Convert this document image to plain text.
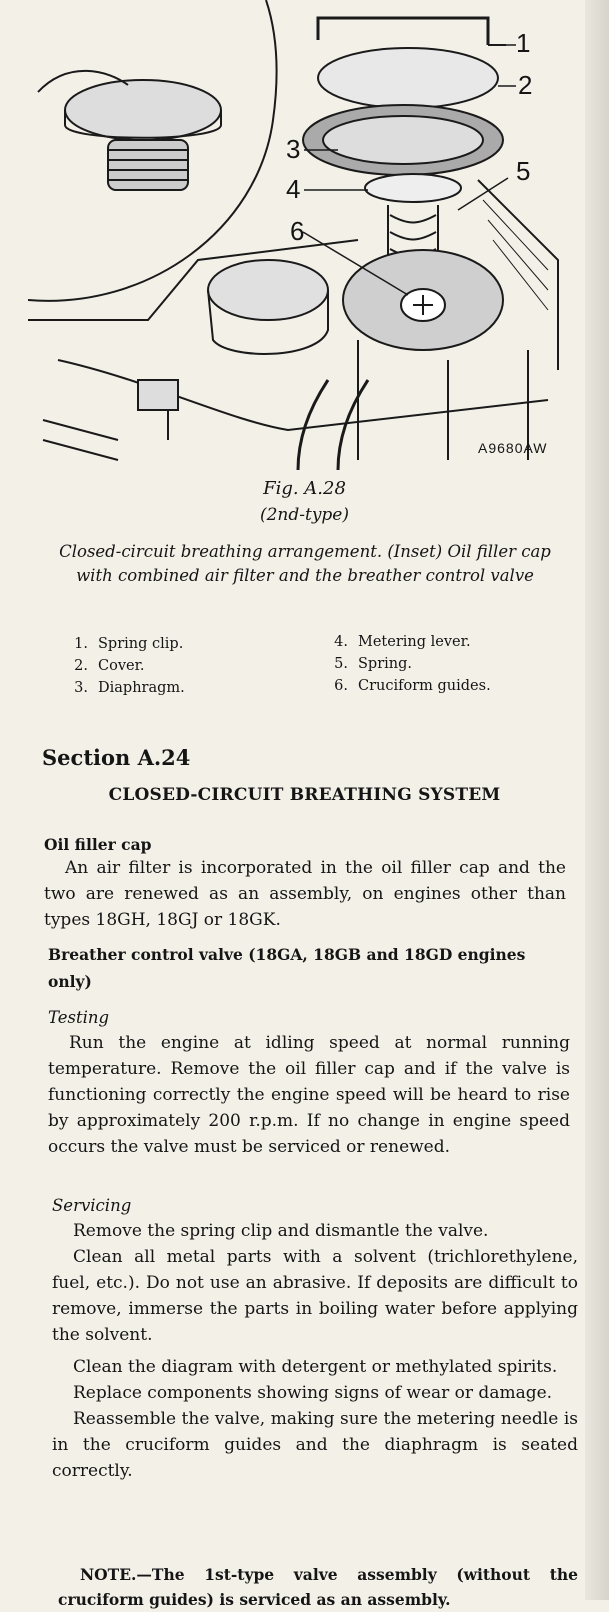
1
2
3
4
5
6
A9680AW
Fig. A.28
(2nd-type)
Closed-circuit breathing arrangement. (Inset) Oil filler cap with combined air filter and the breather control valve
1. Spring clip.
2. Cover.
3. Diaphragm.
4. Metering lever.
5. Spring.
6. Cruciform guides.
Section A.24
CLOSED-CIRCUIT BREATHING SYSTEM
Oil filler cap
An air filter is incorporated in the oil filler cap and the two are renewed as an assembly, on engines other than types 18GH, 18GJ or 18GK.
Breather control valve (18GA, 18GB and 18GD engines
only)
Testing
Run the engine at idling speed at normal running temperature. Remove the oil filler cap and if the valve is functioning correctly the engine speed will be heard to rise by approximately 200 r.p.m. If no change in engine speed occurs the valve must be serviced or renewed.
Servicing
Remove the spring clip and dismantle the valve.
Clean all metal parts with a solvent (trichlorethylene, fuel, etc.). Do not use an abrasive. If deposits are difficult to remove, immerse the parts in boiling water before applying the solvent.
Clean the diagram with detergent or methylated spirits.
Replace components showing signs of wear or damage.
Reassemble the valve, making sure the metering needle is in the cruciform guides and the diaphragm is seated correctly.
NOTE.—The 1st-type valve assembly (without the cruciform guides) is serviced as an assembly.
